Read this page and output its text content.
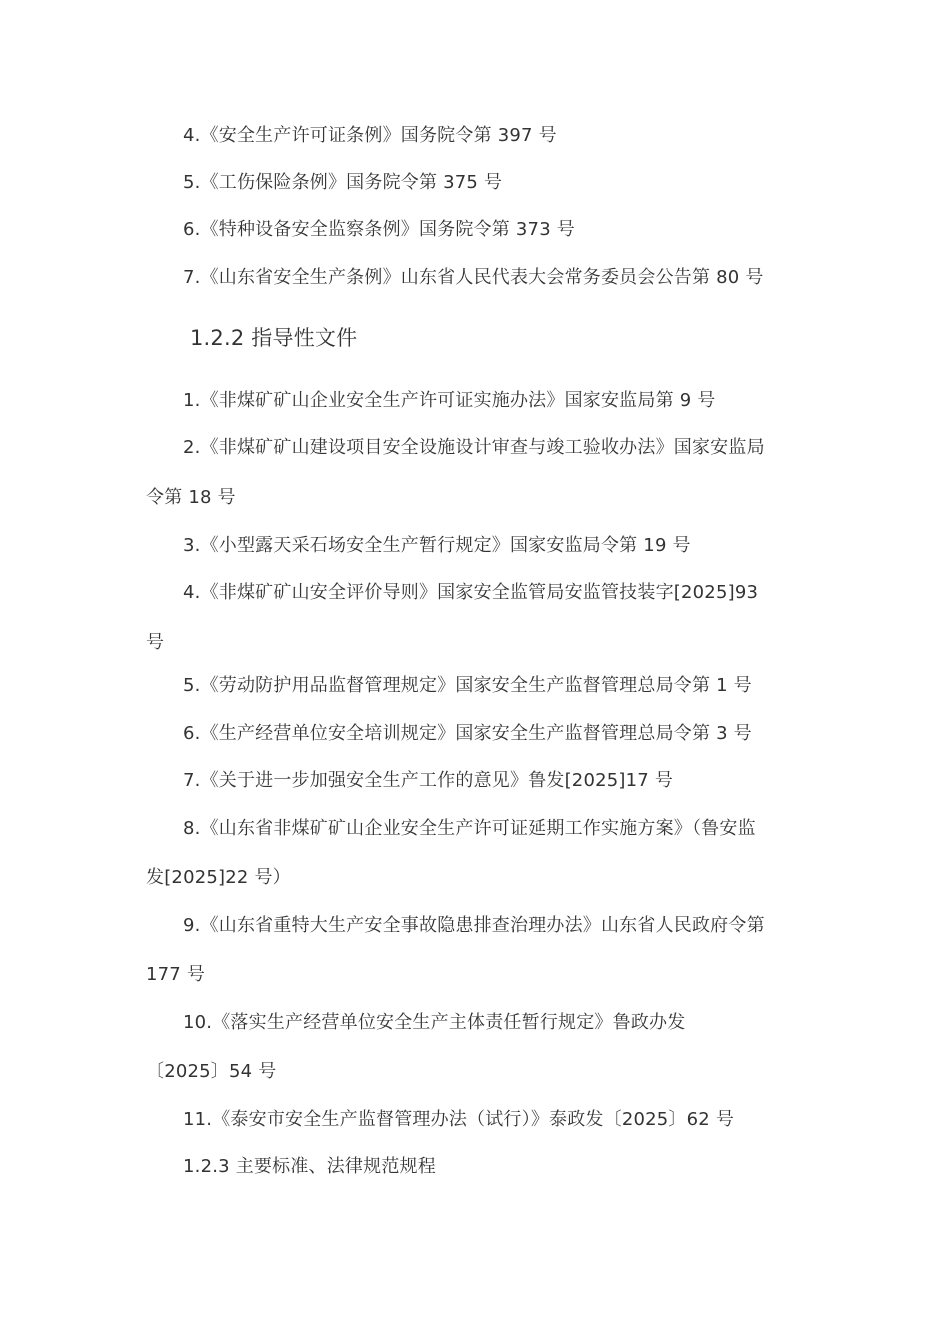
4.《安全生产许可证条例》国务院令第 397 号
5.《工伤保险条例》国务院令第 375 号
6.《特种设备安全监察条例》国务院令第 373 号
7.《山东省安全生产条例》山东省人民代表大会常务委员会公告第 80 号
1.2.2 指导性文件
1.《非煤矿矿山企业安全生产许可证实施办法》国家安监局第 9 号
2.《非煤矿矿山建设项目安全设施设计审查与竣工验收办法》国家安监局
令第 18 号
3.《小型露天采石场安全生产暂行规定》国家安监局令第 19 号
4.《非煤矿矿山安全评价导则》国家安全监管局安监管技装字[2025]93
号
5.《劳动防护用品监督管理规定》国家安全生产监督管理总局令第 1 号
6.《生产经营单位安全培训规定》国家安全生产监督管理总局令第 3 号
7.《关于进一步加强安全生产工作的意见》鲁发[2025]17 号
8.《山东省非煤矿矿山企业安全生产许可证延期工作实施方案》（鲁安监
发[2025]22 号）
9.《山东省重特大生产安全事故隐患排查治理办法》山东省人民政府令第
177 号
10.《落实生产经营单位安全生产主体责任暂行规定》鲁政办发
〔2025〕54 号
11.《泰安市安全生产监督管理办法（试行）》泰政发〔2025〕62 号
1.2.3 主要标准、法律规范规程
